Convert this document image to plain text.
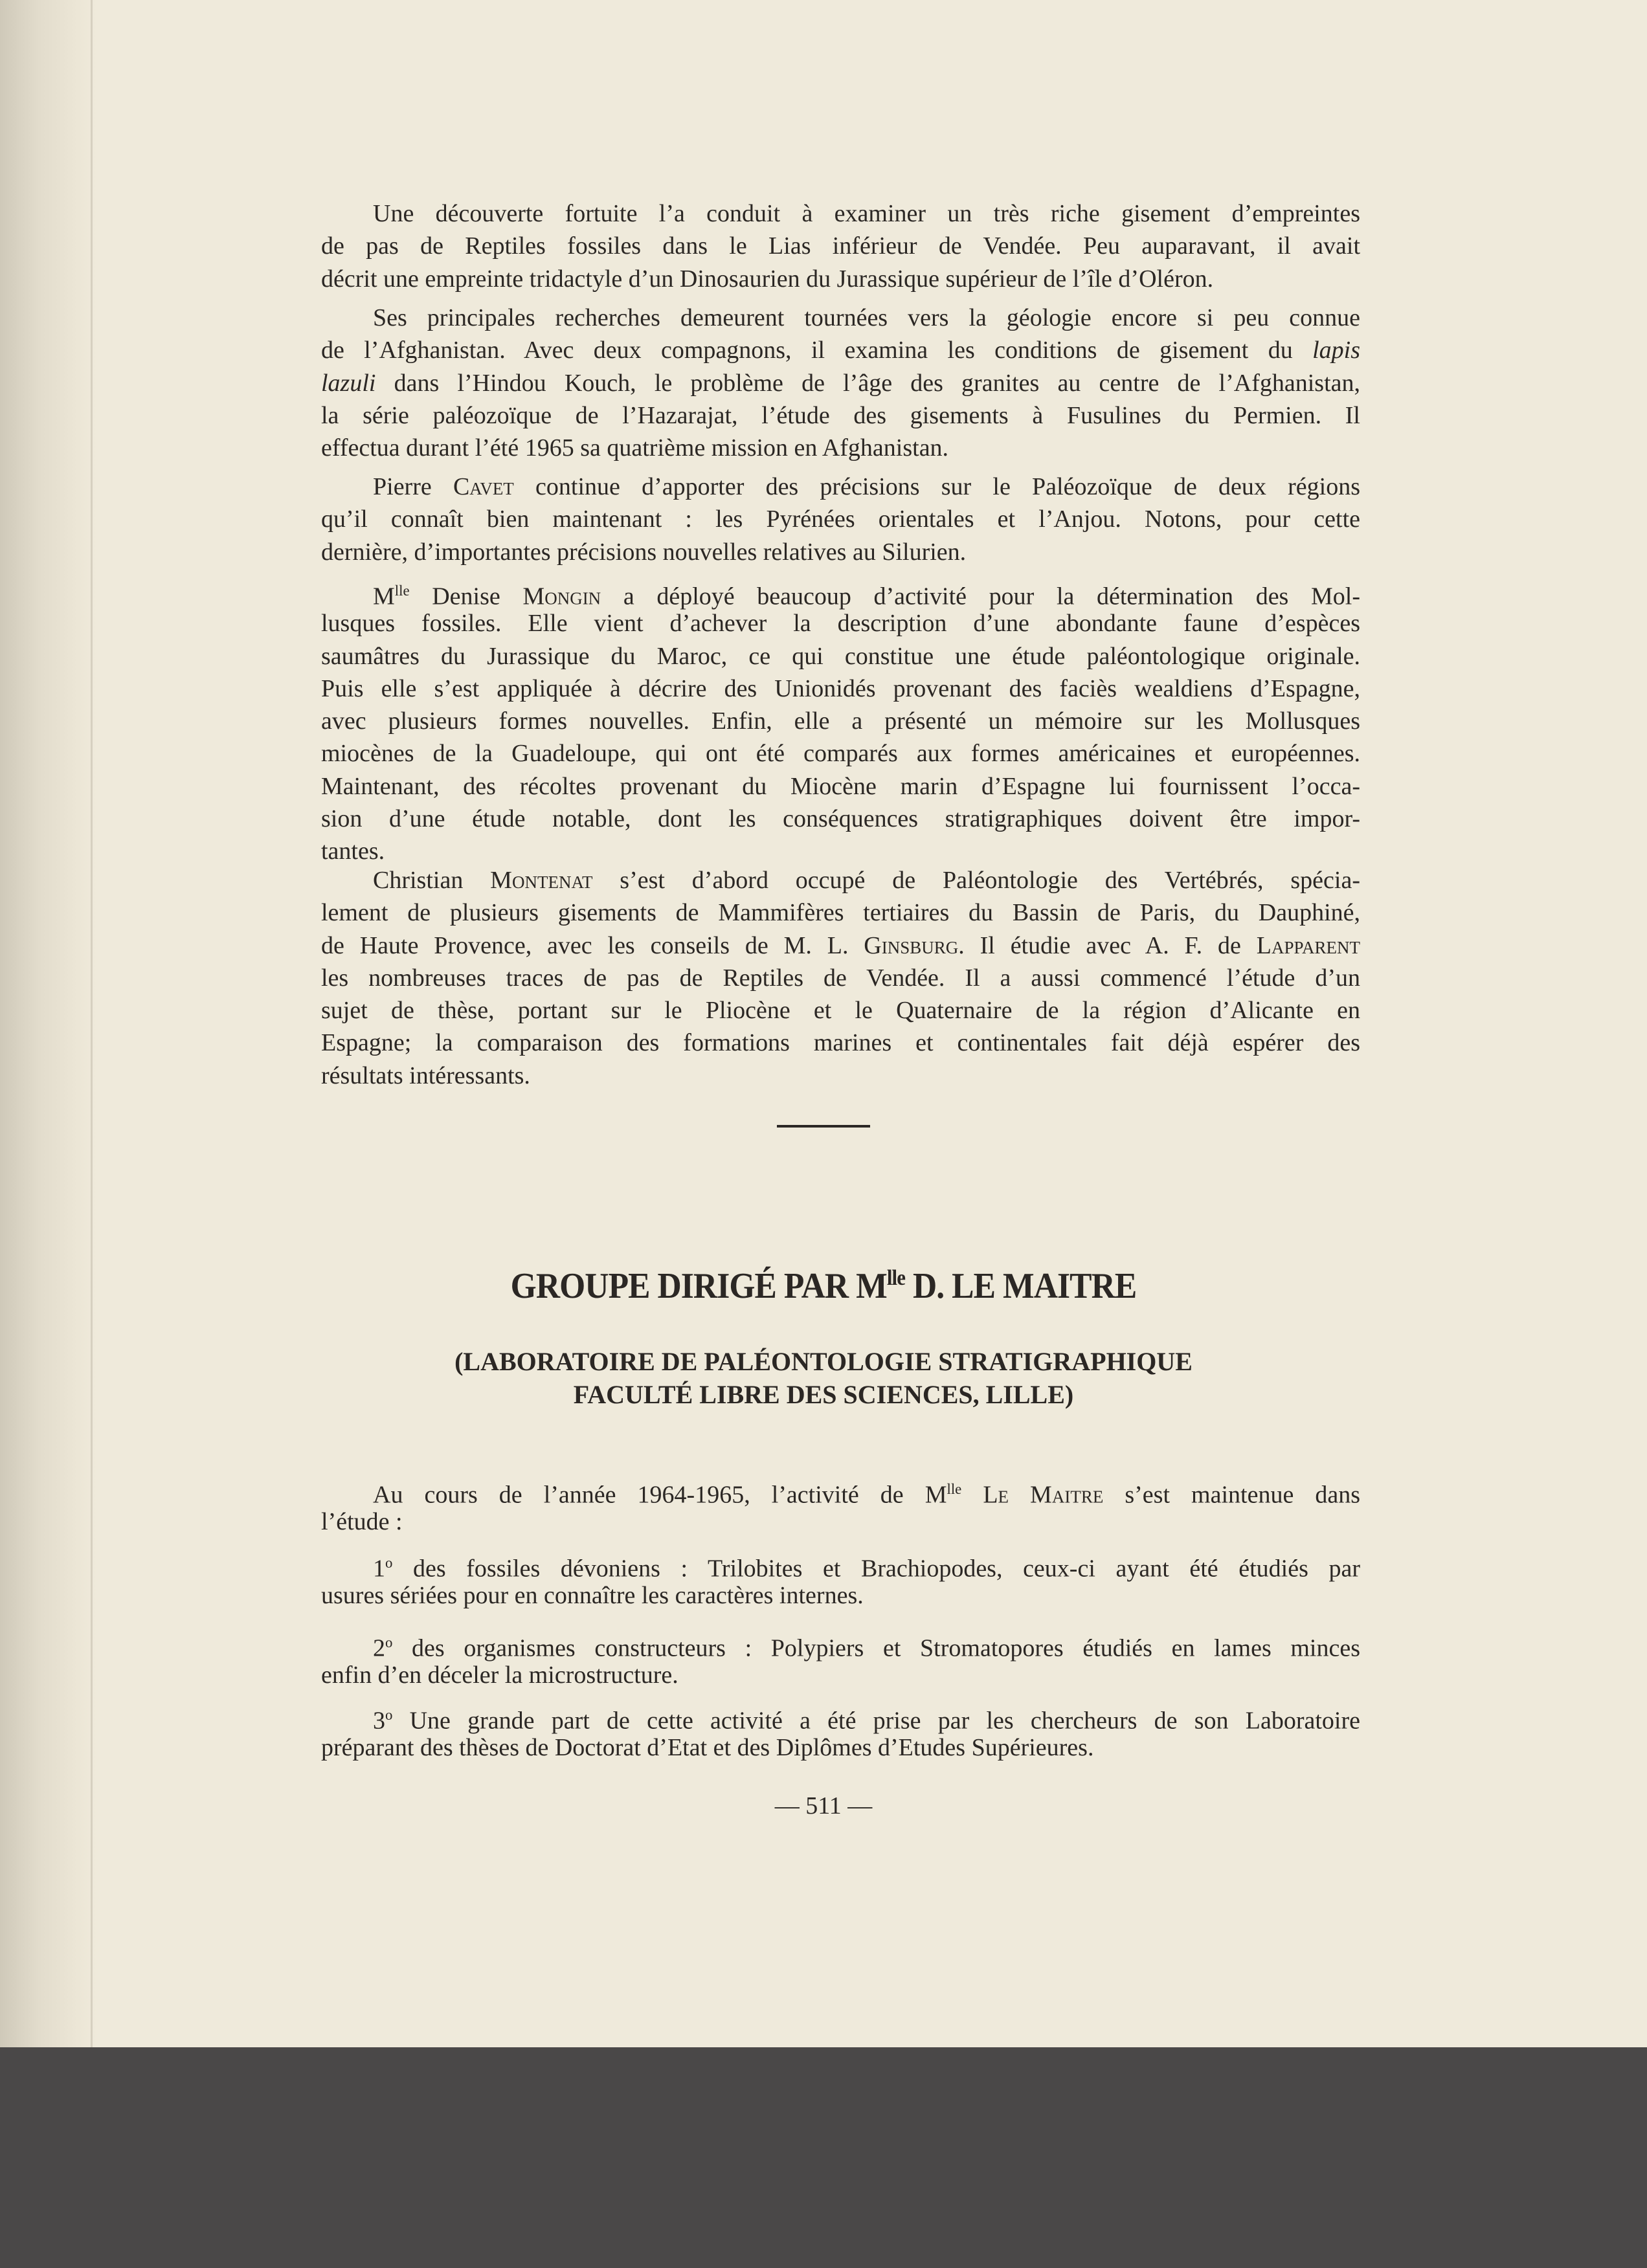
Une découverte fortuite l’a conduit à examiner un très riche gisement d’empreintes
de pas de Reptiles fossiles dans le Lias inférieur de Vendée. Peu auparavant, il avait
décrit une empreinte tridactyle d’un Dinosaurien du Jurassique supérieur de l’île d’Oléron.
Ses principales recherches demeurent tournées vers la géologie encore si peu connue
de l’Afghanistan. Avec deux compagnons, il examina les conditions de gisement du lapis
lazuli dans l’Hindou Kouch, le problème de l’âge des granites au centre de l’Afghanistan,
la série paléozoïque de l’Hazarajat, l’étude des gisements à Fusulines du Permien. Il
effectua durant l’été 1965 sa quatrième mission en Afghanistan.
Pierre Cavet continue d’apporter des précisions sur le Paléozoïque de deux régions
qu’il connaît bien maintenant : les Pyrénées orientales et l’Anjou. Notons, pour cette
dernière, d’importantes précisions nouvelles relatives au Silurien.
$M^{lle}$ Denise Mongin a déployé beaucoup d’activité pour la détermination des Mol-
lusques fossiles. Elle vient d’achever la description d’une abondante faune d’espèces
saumâtres du Jurassique du Maroc, ce qui constitue une étude paléontologique originale.
Puis elle s’est appliquée à décrire des Unionidés provenant des faciès wealdiens d’Espagne,
avec plusieurs formes nouvelles. Enfin, elle a présenté un mémoire sur les Mollusques
miocènes de la Guadeloupe, qui ont été comparés aux formes américaines et européennes.
Maintenant, des récoltes provenant du Miocène marin d’Espagne lui fournissent l’occa-
sion d’une étude notable, dont les conséquences stratigraphiques doivent être impor-
tantes.
Christian Montenat s’est d’abord occupé de Paléontologie des Vertébrés, spécia-
lement de plusieurs gisements de Mammifères tertiaires du Bassin de Paris, du Dauphiné,
de Haute Provence, avec les conseils de M. L. Ginsburg. Il étudie avec A. F. de Lapparent
les nombreuses traces de pas de Reptiles de Vendée. Il a aussi commencé l’étude d’un
sujet de thèse, portant sur le Pliocène et le Quaternaire de la région d’Alicante en
Espagne; la comparaison des formations marines et continentales fait déjà espérer des
résultats intéressants.
Au cours de l’année 1964-1965, l’activité de $M^{lle}$ Le Maitre s’est maintenue dans
l’étude :
1$^o$ des fossiles dévoniens : Trilobites et Brachiopodes, ceux-ci ayant été étudiés par
usures sériées pour en connaître les caractères internes.
2$^o$ des organismes constructeurs : Polypiers et Stromatopores étudiés en lames minces
enfin d’en déceler la microstructure.
3$^o$ Une grande part de cette activité a été prise par les chercheurs de son Laboratoire
préparant des thèses de Doctorat d’Etat et des Diplômes d’Etudes Supérieures.
GROUPE DIRIGÉ PAR $M^{lle}$ D. LE MAITRE
(LABORATOIRE DE PALÉONTOLOGIE STRATIGRAPHIQUE
FACULTÉ LIBRE DES SCIENCES, LILLE)
— 511 —
